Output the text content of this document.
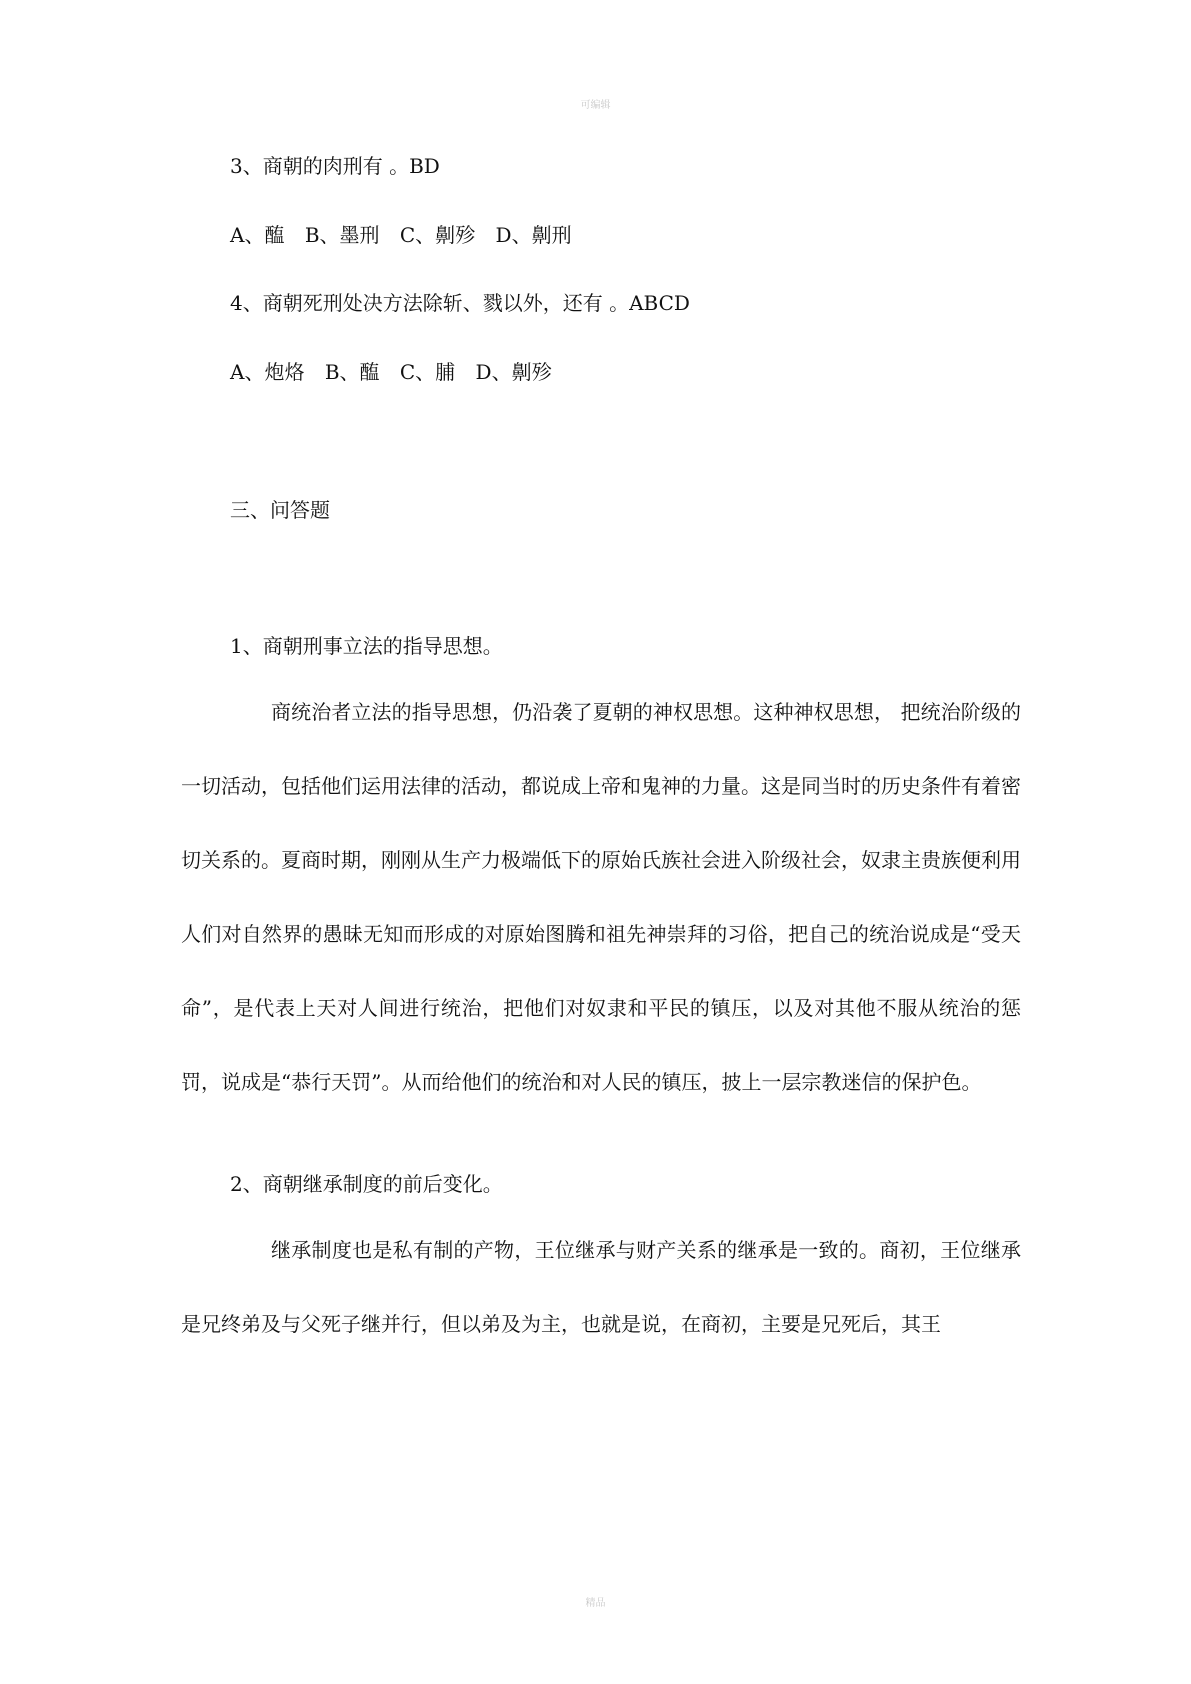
可编辑
3、商朝的肉刑有 。BD
A、醢 B、墨刑 C、劓殄 D、劓刑
4、商朝死刑处决方法除斩、戮以外，还有 。ABCD
A、炮烙 B、醢 C、脯 D、劓殄
三、问答题
1、商朝刑事立法的指导思想。
商统治者立法的指导思想，仍沿袭了夏朝的神权思想。这种神权思想， 把统治阶级的一切活动，包括他们运用法律的活动，都说成上帝和鬼神的力量。这是同当时的历史条件有着密切关系的。夏商时期，刚刚从生产力极端低下的原始氏族社会进入阶级社会，奴隶主贵族便利用人们对自然界的愚昧无知而形成的对原始图腾和祖先神崇拜的习俗，把自己的统治说成是“受天命”，是代表上天对人间进行统治，把他们对奴隶和平民的镇压，以及对其他不服从统治的惩罚，说成是“恭行天罚”。从而给他们的统治和对人民的镇压，披上一层宗教迷信的保护色。
2、商朝继承制度的前后变化。
继承制度也是私有制的产物，王位继承与财产关系的继承是一致的。商初，王位继承是兄终弟及与父死子继并行，但以弟及为主，也就是说，在商初，主要是兄死后，其王
精品
